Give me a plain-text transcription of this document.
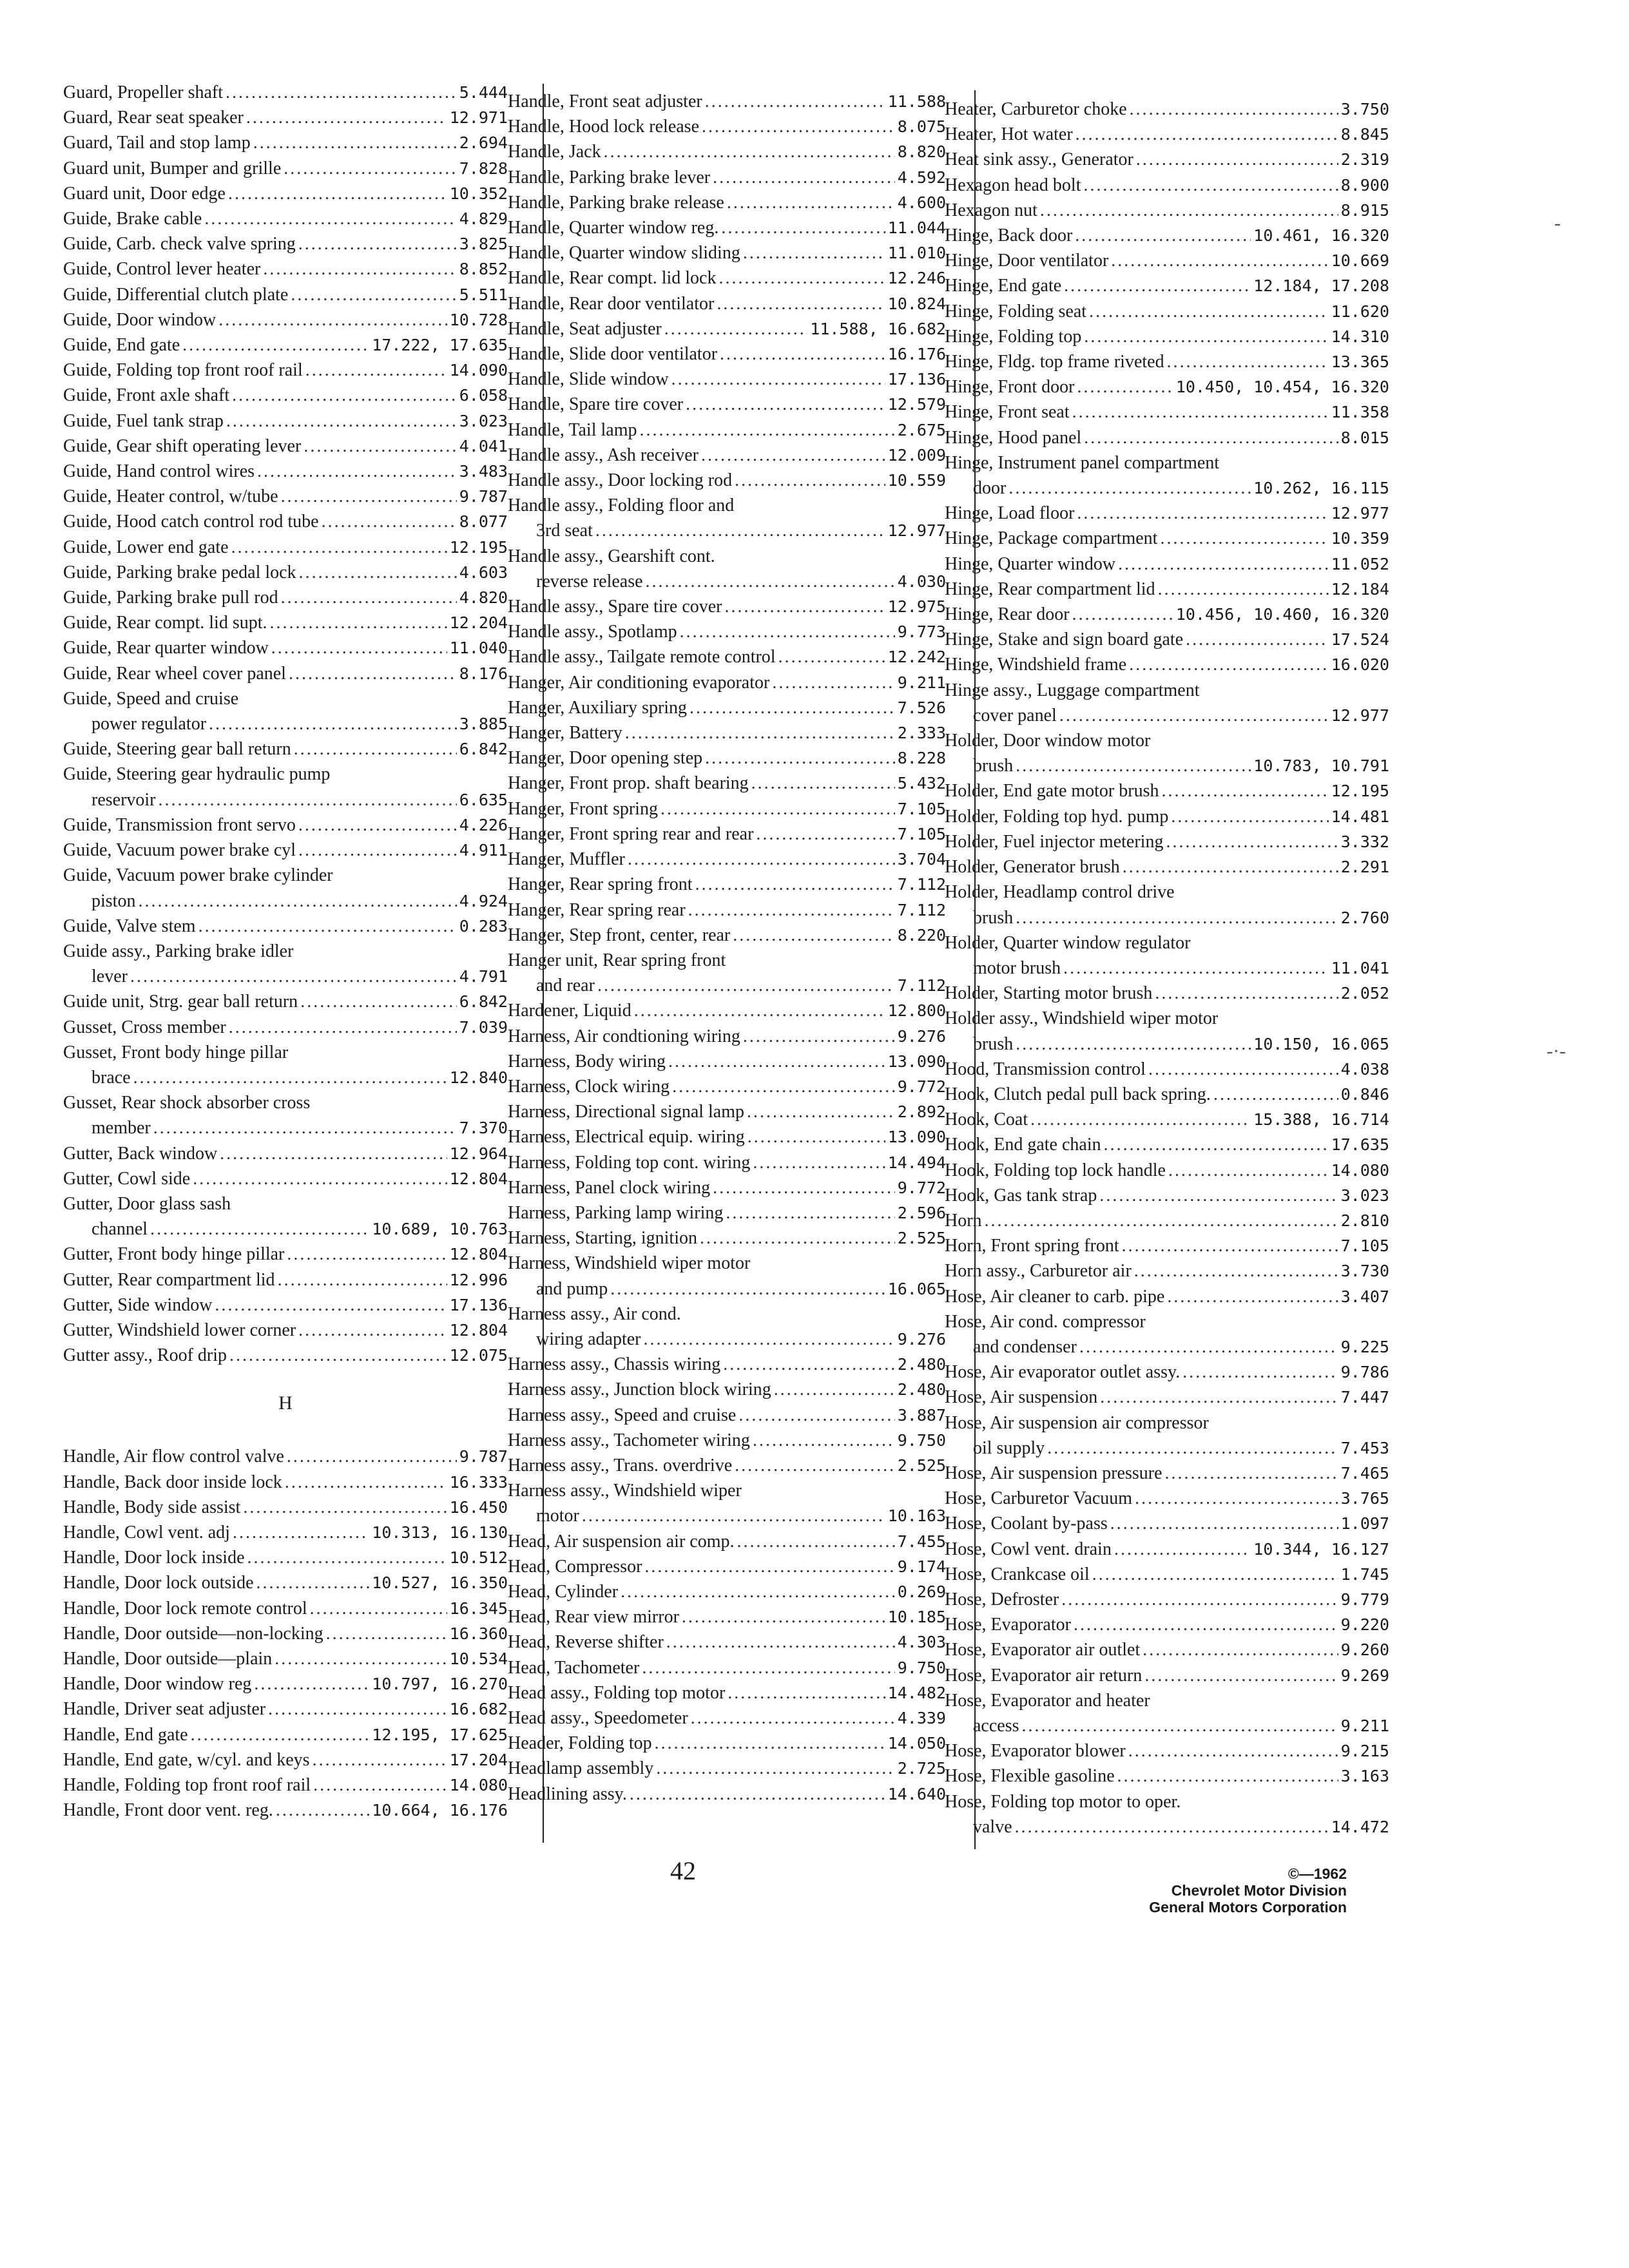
Guard, Propeller shaft .....	5.444
Guard, Rear seat speaker .....	12.971
Guard, Tail and stop lamp .....	2.694
Guard unit, Bumper and grille .....	7.828
Guard unit, Door edge .....	10.352
Guide, Brake cable .....	4.829
Guide, Carb. check valve spring .....	3.825
Guide, Control lever heater .....	8.852
Guide, Differential clutch plate .....	5.511
Guide, Door window .....	10.728
Guide, End gate .....	17.222, 17.635
Guide, Folding top front roof rail .....	14.090
Guide, Front axle shaft .....	6.058
Guide, Fuel tank strap .....	3.023
Guide, Gear shift operating lever .....	4.041
Guide, Hand control wires .....	3.483
Guide, Heater control, w/tube .....	9.787
Guide, Hood catch control rod tube .....	8.077
Guide, Lower end gate .....	12.195
Guide, Parking brake pedal lock .....	4.603
Guide, Parking brake pull rod .....	4.820
Guide, Rear compt. lid supt. .....	12.204
Guide, Rear quarter window .....	11.040
Guide, Rear wheel cover panel .....	8.176
Guide, Speed and cruise
power regulator .....	3.885
Guide, Steering gear ball return .....	6.842
Guide, Steering gear hydraulic pump
reservoir .....	6.635
Guide, Transmission front servo .....	4.226
Guide, Vacuum power brake cyl .....	4.911
Guide, Vacuum power brake cylinder
piston .....	4.924
Guide, Valve stem .....	0.283
Guide assy., Parking brake idler
lever .....	4.791
Guide unit, Strg. gear ball return .....	6.842
Gusset, Cross member .....	7.039
Gusset, Front body hinge pillar
brace .....	12.840
Gusset, Rear shock absorber cross
member .....	7.370
Gutter, Back window .....	12.964
Gutter, Cowl side .....	12.804
Gutter, Door glass sash
channel .....	10.689, 10.763
Gutter, Front body hinge pillar .....	12.804
Gutter, Rear compartment lid .....	12.996
Gutter, Side window .....	17.136
Gutter, Windshield lower corner .....	12.804
Gutter assy., Roof drip .....	12.075
H
Handle, Air flow control valve .....	9.787
Handle, Back door inside lock .....	16.333
Handle, Body side assist .....	16.450
Handle, Cowl vent. adj .....	10.313, 16.130
Handle, Door lock inside .....	10.512
Handle, Door lock outside .....	10.527, 16.350
Handle, Door lock remote control .....	16.345
Handle, Door outside—non-locking .....	16.360
Handle, Door outside—plain .....	10.534
Handle, Door window reg .....	10.797, 16.270
Handle, Driver seat adjuster .....	16.682
Handle, End gate .....	12.195, 17.625
Handle, End gate, w/cyl. and keys .....	17.204
Handle, Folding top front roof rail .....	14.080
Handle, Front door vent. reg. .....	10.664, 16.176
Handle, Front seat adjuster .....	11.588
Handle, Hood lock release .....	8.075
Handle, Jack .....	8.820
Handle, Parking brake lever .....	4.592
Handle, Parking brake release .....	4.600
Handle, Quarter window reg. .....	11.044
Handle, Quarter window sliding .....	11.010
Handle, Rear compt. lid lock .....	12.246
Handle, Rear door ventilator .....	10.824
Handle, Seat adjuster .....	11.588, 16.682
Handle, Slide door ventilator .....	16.176
Handle, Slide window .....	17.136
Handle, Spare tire cover .....	12.579
Handle, Tail lamp .....	2.675
Handle assy., Ash receiver .....	12.009
Handle assy., Door locking rod .....	10.559
Handle assy., Folding floor and
3rd seat .....	12.977
Handle assy., Gearshift cont.
reverse release .....	4.030
Handle assy., Spare tire cover .....	12.975
Handle assy., Spotlamp .....	9.773
Handle assy., Tailgate remote control .....	12.242
Hanger, Air conditioning evaporator .....	9.211
Hanger, Auxiliary spring .....	7.526
Hanger, Battery .....	2.333
Hanger, Door opening step .....	8.228
Hanger, Front prop. shaft bearing .....	5.432
Hanger, Front spring .....	7.105
Hanger, Front spring rear and rear .....	7.105
Hanger, Muffler .....	3.704
Hanger, Rear spring front .....	7.112
Hanger, Rear spring rear .....	7.112
Hanger, Step front, center, rear .....	8.220
Hanger unit, Rear spring front
and rear .....	7.112
Hardener, Liquid .....	12.800
Harness, Air condtioning wiring .....	9.276
Harness, Body wiring .....	13.090
Harness, Clock wiring .....	9.772
Harness, Directional signal lamp .....	2.892
Harness, Electrical equip. wiring .....	13.090
Harness, Folding top cont. wiring .....	14.494
Harness, Panel clock wiring .....	9.772
Harness, Parking lamp wiring .....	2.596
Harness, Starting, ignition .....	2.525
Harness, Windshield wiper motor
and pump .....	16.065
Harness assy., Air cond.
wiring adapter .....	9.276
Harness assy., Chassis wiring .....	2.480
Harness assy., Junction block wiring .....	2.480
Harness assy., Speed and cruise .....	3.887
Harness assy., Tachometer wiring .....	9.750
Harness assy., Trans. overdrive .....	2.525
Harness assy., Windshield wiper
motor .....	10.163
Head, Air suspension air comp. .....	7.455
Head, Compressor .....	9.174
Head, Cylinder .....	0.269
Head, Rear view mirror .....	10.185
Head, Reverse shifter .....	4.303
Head, Tachometer .....	9.750
Head assy., Folding top motor .....	14.482
Head assy., Speedometer .....	4.339
Header, Folding top .....	14.050
Headlamp assembly .....	2.725
Headlining assy. .....	14.640
Heater, Carburetor choke .....	3.750
Heater, Hot water .....	8.845
Heat sink assy., Generator .....	2.319
Hexagon head bolt .....	8.900
Hexagon nut .....	8.915
Hinge, Back door .....	10.461, 16.320
Hinge, Door ventilator .....	10.669
Hinge, End gate .....	12.184, 17.208
Hinge, Folding seat .....	11.620
Hinge, Folding top .....	14.310
Hinge, Fldg. top frame riveted .....	13.365
Hinge, Front door .....	10.450, 10.454, 16.320
Hinge, Front seat .....	11.358
Hinge, Hood panel .....	8.015
Hinge, Instrument panel compartment
door .....	10.262, 16.115
Hinge, Load floor .....	12.977
Hinge, Package compartment .....	10.359
Hinge, Quarter window .....	11.052
Hinge, Rear compartment lid .....	12.184
Hinge, Rear door .....	10.456, 10.460, 16.320
Hinge, Stake and sign board gate .....	17.524
Hinge, Windshield frame .....	16.020
Hinge assy., Luggage compartment
cover panel .....	12.977
Holder, Door window motor
brush .....	10.783, 10.791
Holder, End gate motor brush .....	12.195
Holder, Folding top hyd. pump .....	14.481
Holder, Fuel injector metering .....	3.332
Holder, Generator brush .....	2.291
Holder, Headlamp control drive
brush .....	2.760
Holder, Quarter window regulator
motor brush .....	11.041
Holder, Starting motor brush .....	2.052
Holder assy., Windshield wiper motor
brush .....	10.150, 16.065
Hood, Transmission control .....	4.038
Hook, Clutch pedal pull back spring. .....	0.846
Hook, Coat .....	15.388, 16.714
Hook, End gate chain .....	17.635
Hook, Folding top lock handle .....	14.080
Hook, Gas tank strap .....	3.023
Horn .....	2.810
Horn, Front spring front .....	7.105
Horn assy., Carburetor air .....	3.730
Hose, Air cleaner to carb. pipe .....	3.407
Hose, Air cond. compressor
and condenser .....	9.225
Hose, Air evaporator outlet assy. .....	9.786
Hose, Air suspension .....	7.447
Hose, Air suspension air compressor
oil supply .....	7.453
Hose, Air suspension pressure .....	7.465
Hose, Carburetor Vacuum .....	3.765
Hose, Coolant by-pass .....	1.097
Hose, Cowl vent. drain .....	10.344, 16.127
Hose, Crankcase oil .....	1.745
Hose, Defroster .....	9.779
Hose, Evaporator .....	9.220
Hose, Evaporator air outlet .....	9.260
Hose, Evaporator air return .....	9.269
Hose, Evaporator and heater
access .....	9.211
Hose, Evaporator blower .....	9.215
Hose, Flexible gasoline .....	3.163
Hose, Folding top motor to oper.
valve .....	14.472
42	©—1962
Chevrolet Motor Division
General Motors Corporation
-
-·-
